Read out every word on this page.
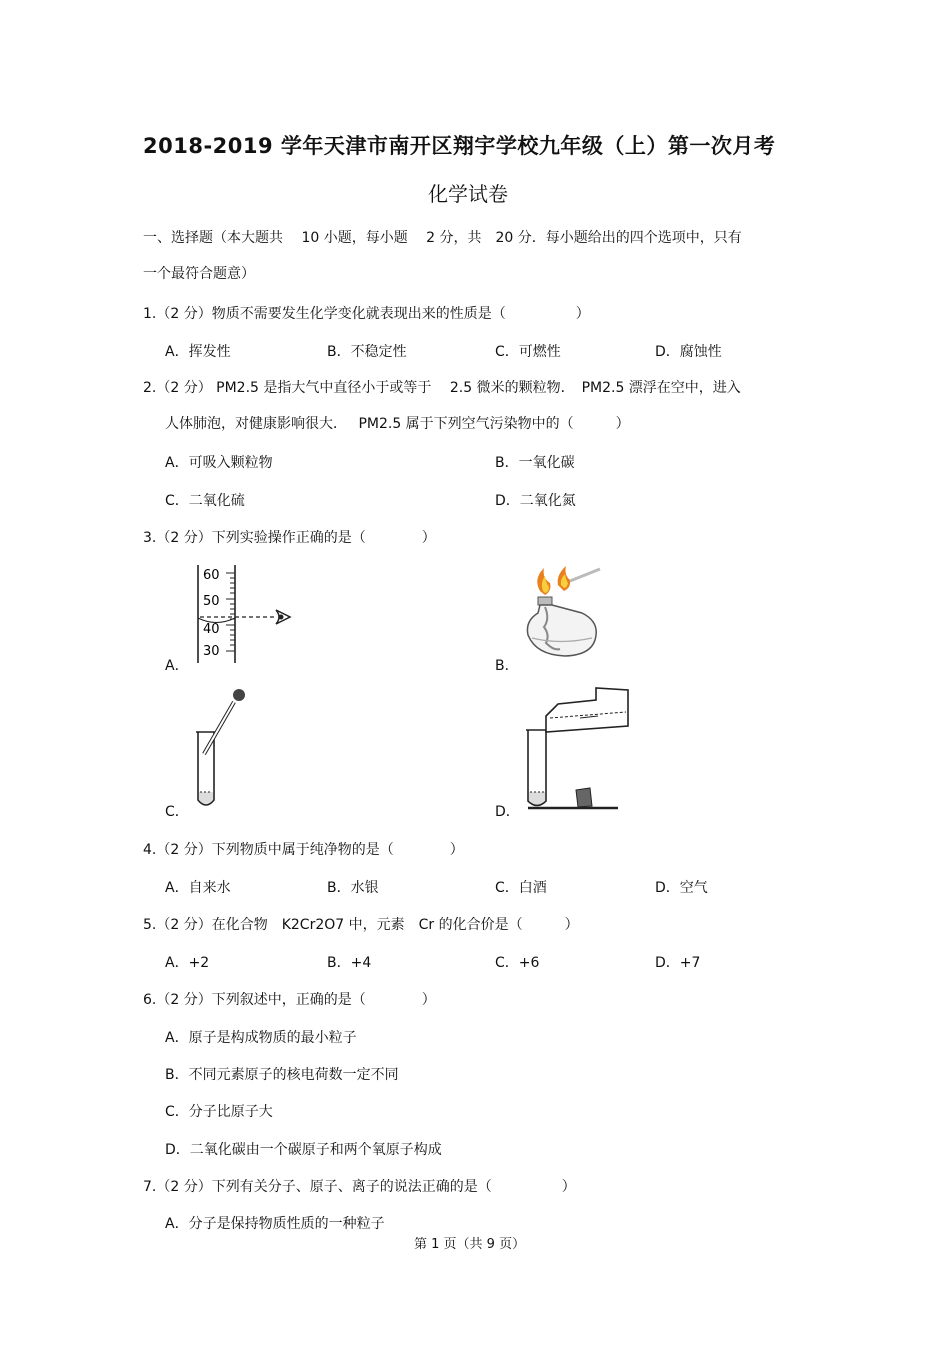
2018-2019 学年天津市南开区翔宇学校九年级（上）第一次月考
化学试卷
一、选择题（本大题共　 10 小题，每小题　 2 分，共　20 分．每小题给出的四个选项中，只有
一个最符合题意）
1.（2 分）物质不需要发生化学变化就表现出来的性质是（　　　　　）
A．挥发性	B．不稳定性	C．可燃性	D．腐蚀性
2.（2 分） PM2.5 是指大气中直径小于或等于　 2.5 微米的颗粒物．　PM2.5 漂浮在空中，进入
人体肺泡，对健康影响很大．　 PM2.5 属于下列空气污染物中的（　　　）
A．可吸入颗粒物	B．一氧化碳
C．二氧化硫	D．二氧化氮
3.（2 分）下列实验操作正确的是（　　　　）
60
50
40
30
A．	B．
C．	D．
4.（2 分）下列物质中属于纯净物的是（　　　　）
A．自来水	B．水银	C．白酒	D．空气
5.（2 分）在化合物　K2Cr2O7 中，元素　Cr 的化合价是（　　　）
A．+2	B．+4	C．+6	D．+7
6.（2 分）下列叙述中，正确的是（　　　　）
A．原子是构成物质的最小粒子
B．不同元素原子的核电荷数一定不同
C．分子比原子大
D．二氧化碳由一个碳原子和两个氧原子构成
7.（2 分）下列有关分子、原子、离子的说法正确的是（　　　　　）
A．分子是保持物质性质的一种粒子
第 1 页（共 9 页）
